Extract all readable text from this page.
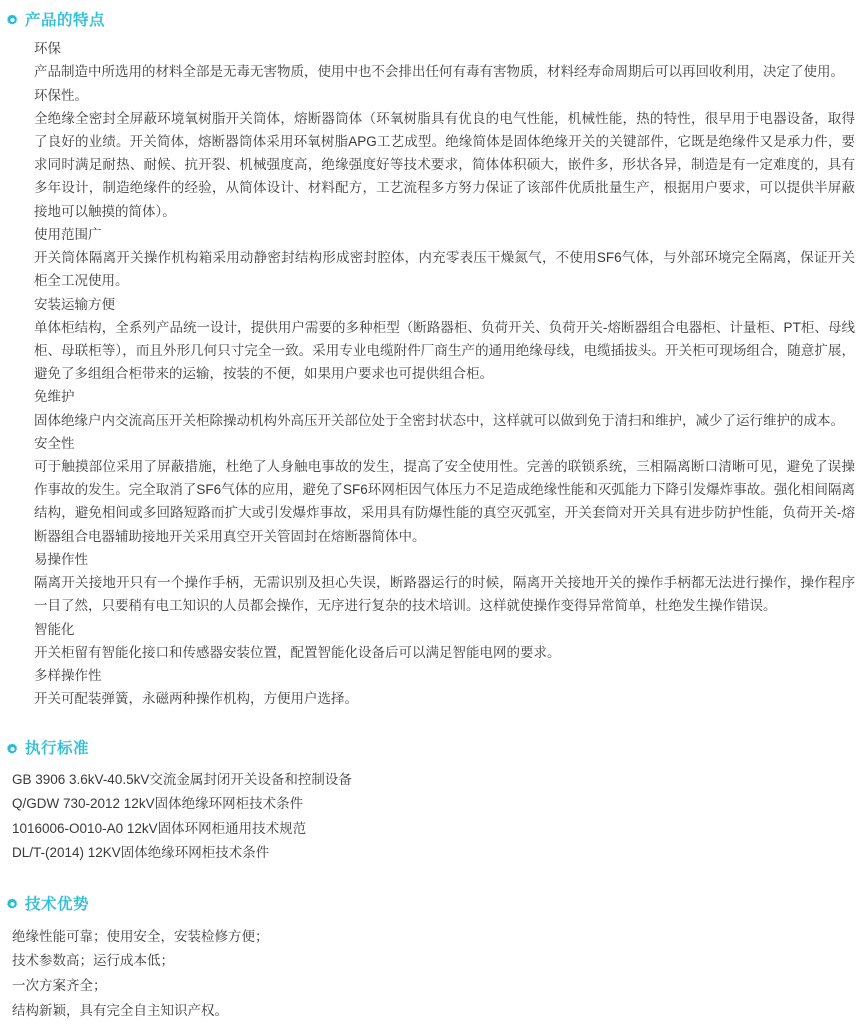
产品的特点

环保

产品制造中所选用的材料全部是无毒无害物质，使用中也不会排出任何有毒有害物质，材料经寿命周期后可以再回收利用，决定了使用。

环保性。

全绝缘全密封全屏蔽环境氧树脂开关筒体，熔断器筒体（环氧树脂具有优良的电气性能，机械性能，热的特性，很早用于电器设备，取得了良好的业绩。开关简体，熔断器筒体采用环氧树脂APG工艺成型。绝缘简体是固体绝缘开关的关键部件，它既是绝缘件又是承力件，要求同时满足耐热、耐候、抗开裂、机械强度高，绝缘强度好等技术要求，简体体积硕大，嵌件多，形状各异，制造是有一定难度的，具有多年设计，制造绝缘件的经验，从简体设计、材料配方，工艺流程多方努力保证了该部件优质批量生产，根据用户要求，可以提供半屏蔽接地可以触摸的简体）。

使用范围广

开关筒体隔离开关操作机构箱采用动静密封结构形成密封腔体，内充零表压干燥氮气，不使用SF6气体，与外部环境完全隔离，保证开关柜全工况使用。

安装运输方便

单体柜结构，全系列产品统一设计，提供用户需要的多种柜型（断路器柜、负荷开关、负荷开关-熔断器组合电器柜、计量柜、PT柜、母线柜、母联柜等），而且外形几何只寸完全一致。采用专业电缆附件厂商生产的通用绝缘母线，电缆插拔头。开关柜可现场组合，随意扩展，避免了多组组合柜带来的运输，按装的不便，如果用户要求也可提供组合柜。

免维护

固体绝缘户内交流高压开关柜除操动机构外高压开关部位处于全密封状态中，这样就可以做到免于清扫和维护，减少了运行维护的成本。

安全性

可于触摸部位采用了屏蔽措施，杜绝了人身触电事故的发生，提高了安全使用性。完善的联锁系统，三相隔离断口清晰可见，避免了误操作事故的发生。完全取消了SF6气体的应用，避免了SF6环网柜因气体压力不足造成绝缘性能和灭弧能力下降引发爆炸事故。强化相间隔离结构，避免相间或多回路短路而扩大或引发爆炸事故，采用具有防爆性能的真空灭弧室，开关套筒对开关具有进步防护性能，负荷开关-熔断器组合电器辅助接地开关采用真空开关管固封在熔断器简体中。

易操作性

隔离开关接地开只有一个操作手柄，无需识别及担心失误，断路器运行的时候，隔离开关接地开关的操作手柄都无法进行操作，操作程序一目了然，只要稍有电工知识的人员都会操作，无序进行复杂的技术培训。这样就使操作变得异常简单，杜绝发生操作错误。

智能化

开关柜留有智能化接口和传感器安装位置，配置智能化设备后可以满足智能电网的要求。

多样操作性

开关可配装弹簧，永磁两种操作机构，方便用户选择。

执行标准
GB 3906 3.6kV-40.5kV交流金属封闭开关设备和控制设备
Q/GDW 730-2012 12kV固体绝缘环网柜技术条件
1016006-O010-A0 12kV固体环网柜通用技术规范
DL/T-(2014) 12KV固体绝缘环网柜技术条件
技术优势
绝缘性能可靠；使用安全，安装检修方便；
技术参数高；运行成本低；
一次方案齐全；
结构新颖，具有完全自主知识产权。
